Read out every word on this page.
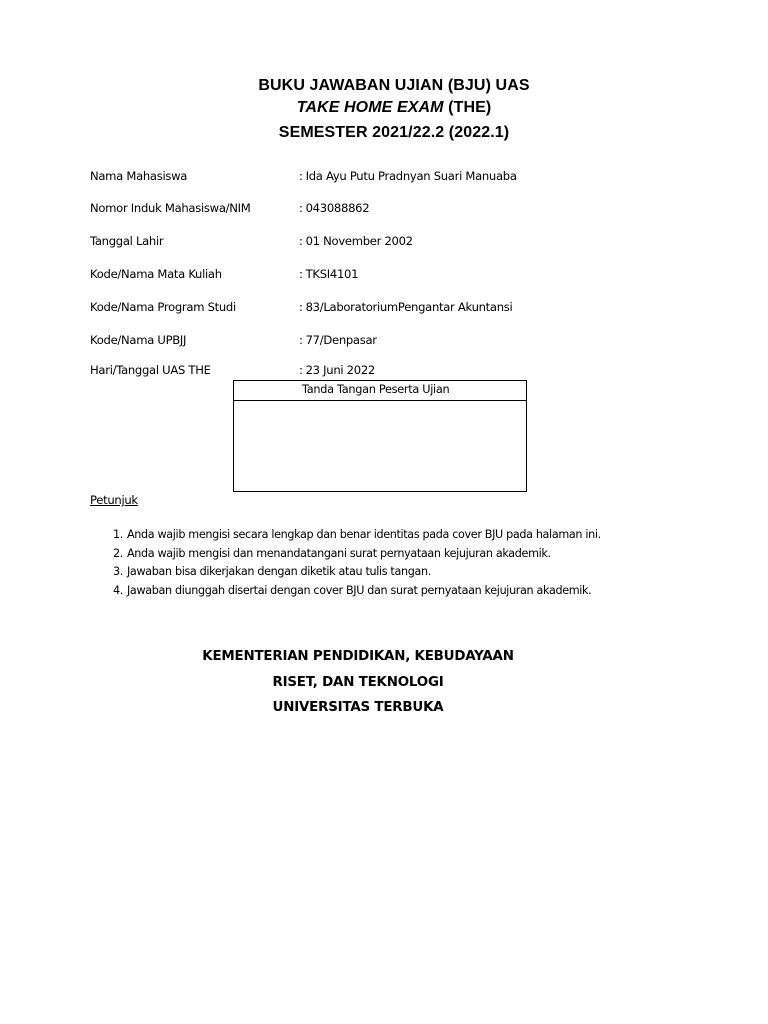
BUKU JAWABAN UJIAN (BJU) UAS
TAKE HOME EXAM (THE)
SEMESTER 2021/22.2 (2022.1)
Nama Mahasiswa	: Ida Ayu Putu Pradnyan Suari Manuaba
Nomor Induk Mahasiswa/NIM	: 043088862
Tanggal Lahir	: 01 November 2002
Kode/Nama Mata Kuliah	: TKSI4101
Kode/Nama Program Studi	: 83/LaboratoriumPengantar Akuntansi
Kode/Nama UPBJJ	: 77/Denpasar
Hari/Tanggal UAS THE	: 23 Juni 2022
Tanda Tangan Peserta Ujian
Petunjuk
1. Anda wajib mengisi secara lengkap dan benar identitas pada cover BJU pada halaman ini.
2. Anda wajib mengisi dan menandatangani surat pernyataan kejujuran akademik.
3. Jawaban bisa dikerjakan dengan diketik atau tulis tangan.
4. Jawaban diunggah disertai dengan cover BJU dan surat pernyataan kejujuran akademik.
KEMENTERIAN PENDIDIKAN, KEBUDAYAAN
RISET, DAN TEKNOLOGI
UNIVERSITAS TERBUKA
